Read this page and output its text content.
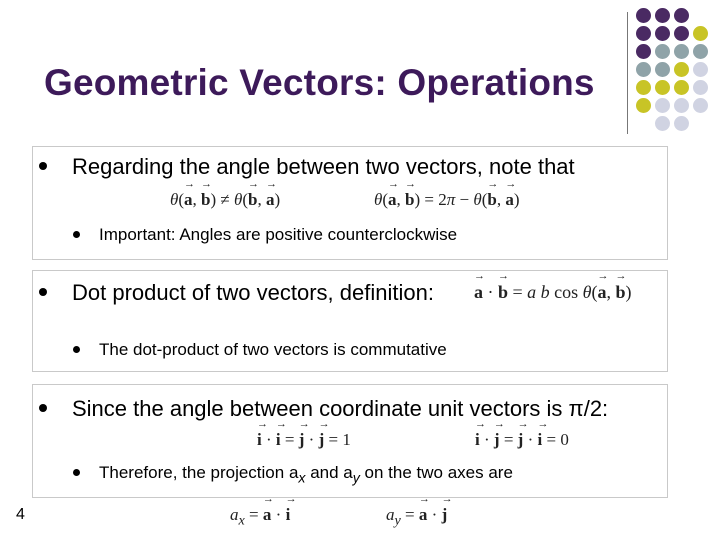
Geometric Vectors: Operations
Regarding the angle between two vectors, note that
θ(→ a, → b) ≠ θ(→ b, → a)	θ(→ a, → b) = 2π − θ(→ b, → a)
Important: Angles are positive counterclockwise
Dot product of two vectors, definition: → a · → b = a b cos θ(→ a, → b)
The dot-product of two vectors is commutative
Since the angle between coordinate unit vectors is π/2:
→ i · → i = → j · → j = 1	→ i · → j = → j · → i = 0
Therefore, the projection $a_x$ and $a_y$ on the two axes are
$a_x$ = → a · → i	$a_y$ = → a · → j
4
